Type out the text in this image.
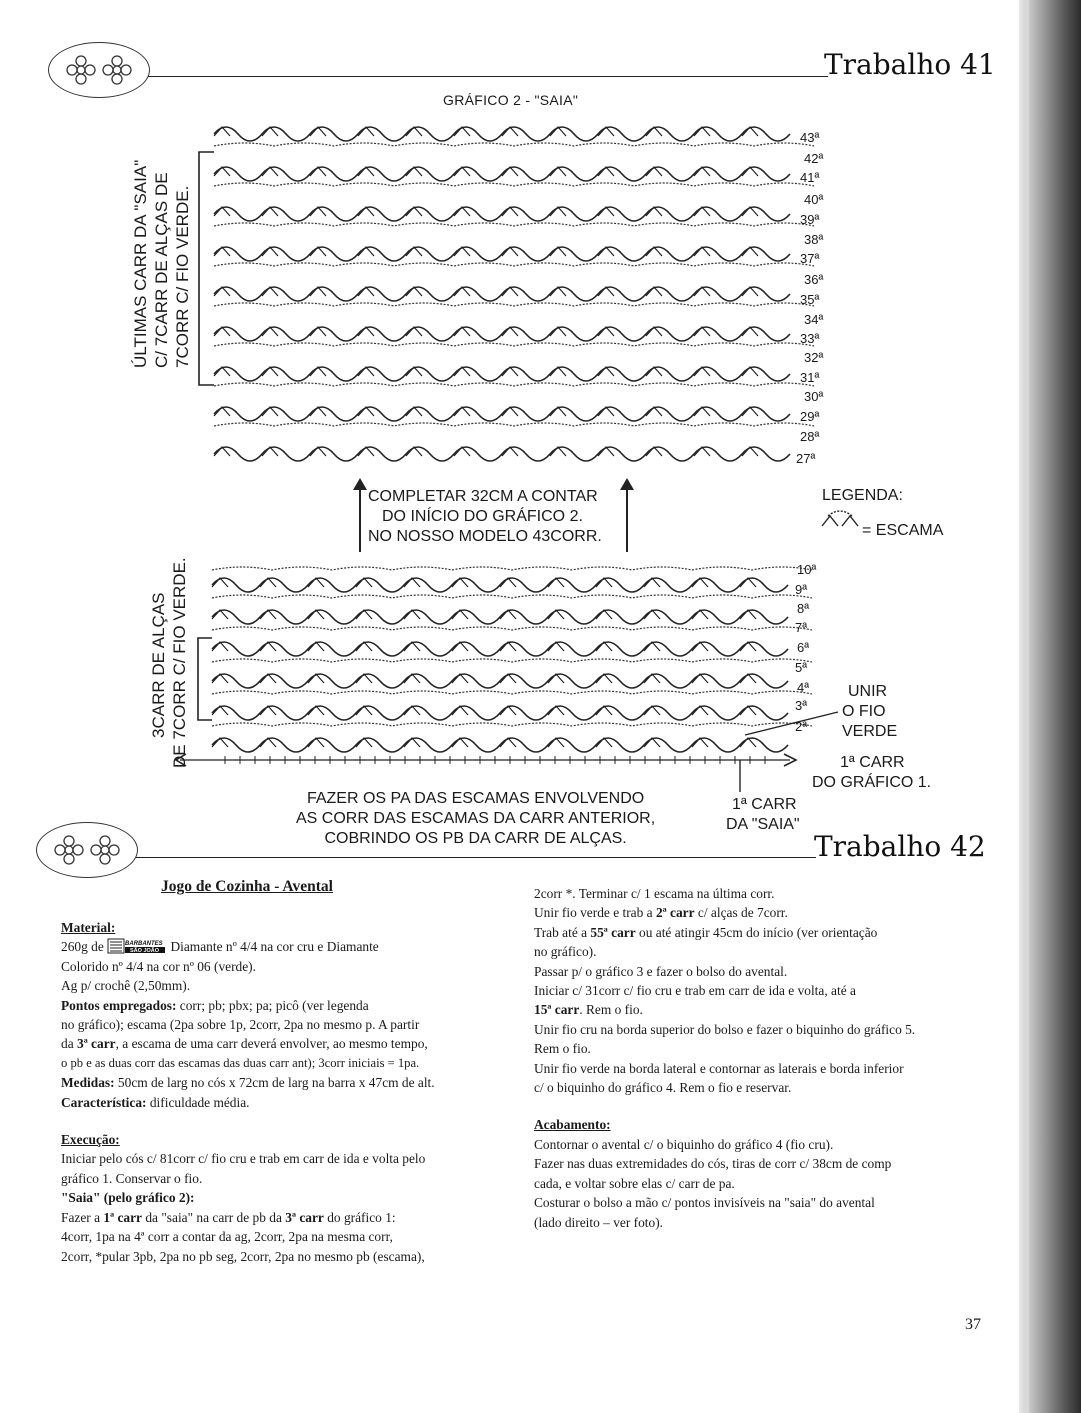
Trabalho 41
GRÁFICO 2 - "SAIA"
43ª
42ª
41ª
40ª
39ª
38ª
37ª
36ª
35ª
34ª
33ª
32ª
31ª
30ª
29ª
28ª
27ª
ÚLTIMAS CARR DA "SAIA" C/ 7CARR DE ALÇAS DE 7CORR C/ FIO VERDE.
COMPLETAR 32CM A CONTAR
DO INÍCIO DO GRÁFICO 2.
NO NOSSO MODELO 43CORR.
LEGENDA:
= ESCAMA
10ª
9ª
8ª
7ª
6ª
5ª
4ª
3ª
2ª
3CARR DE ALÇAS DE 7CORR C/ FIO VERDE.	UNIR
O FIO
VERDE
1ª CARR
DO GRÁFICO 1.
1ª CARR
DA "SAIA"
FAZER OS PA DAS ESCAMAS ENVOLVENDO
AS CORR DAS ESCAMAS DA CARR ANTERIOR,
COBRINDO OS PB DA CARR DE ALÇAS.	Trabalho 42
Jogo de Cozinha - Avental

Material:

260g de	BARBANTES
SÃO JOÃO Diamante nº 4/4 na cor cru e Diamante

Colorido nº 4/4 na cor nº 06 (verde).

Ag p/ crochê (2,50mm).

Pontos empregados: corr; pb; pbx; pa; picô (ver legenda

no gráfico); escama (2pa sobre 1p, 2corr, 2pa no mesmo p. A partir

da 3ª carr, a escama de uma carr deverá envolver, ao mesmo tempo,

o pb e as duas corr das escamas das duas carr ant); 3corr iniciais = 1pa.

Medidas: 50cm de larg no cós x 72cm de larg na barra x 47cm de alt.

Característica: dificuldade média.

Execução:

Iniciar pelo cós c/ 81corr c/ fio cru e trab em carr de ida e volta pelo

gráfico 1. Conservar o fio.

"Saia" (pelo gráfico 2):

Fazer a 1ª carr da "saia" na carr de pb da 3ª carr do gráfico 1:

4corr, 1pa na 4ª corr a contar da ag, 2corr, 2pa na mesma corr,

2corr, *pular 3pb, 2pa no pb seg, 2corr, 2pa no mesmo pb (escama),

2corr *. Terminar c/ 1 escama na última corr.

Unir fio verde e trab a 2ª carr c/ alças de 7corr.

Trab até a 55ª carr ou até atingir 45cm do início (ver orientação

no gráfico).

Passar p/ o gráfico 3 e fazer o bolso do avental.

Iniciar c/ 31corr c/ fio cru e trab em carr de ida e volta, até a

15ª carr. Rem o fio.

Unir fio cru na borda superior do bolso e fazer o biquinho do gráfico 5.

Rem o fio.

Unir fio verde na borda lateral e contornar as laterais e borda inferior

c/ o biquinho do gráfico 4. Rem o fio e reservar.

Acabamento:

Contornar o avental c/ o biquinho do gráfico 4 (fio cru).

Fazer nas duas extremidades do cós, tiras de corr c/ 38cm de comp

cada, e voltar sobre elas c/ carr de pa.

Costurar o bolso a mão c/ pontos invisíveis na "saia" do avental

(lado direito – ver foto).

37
